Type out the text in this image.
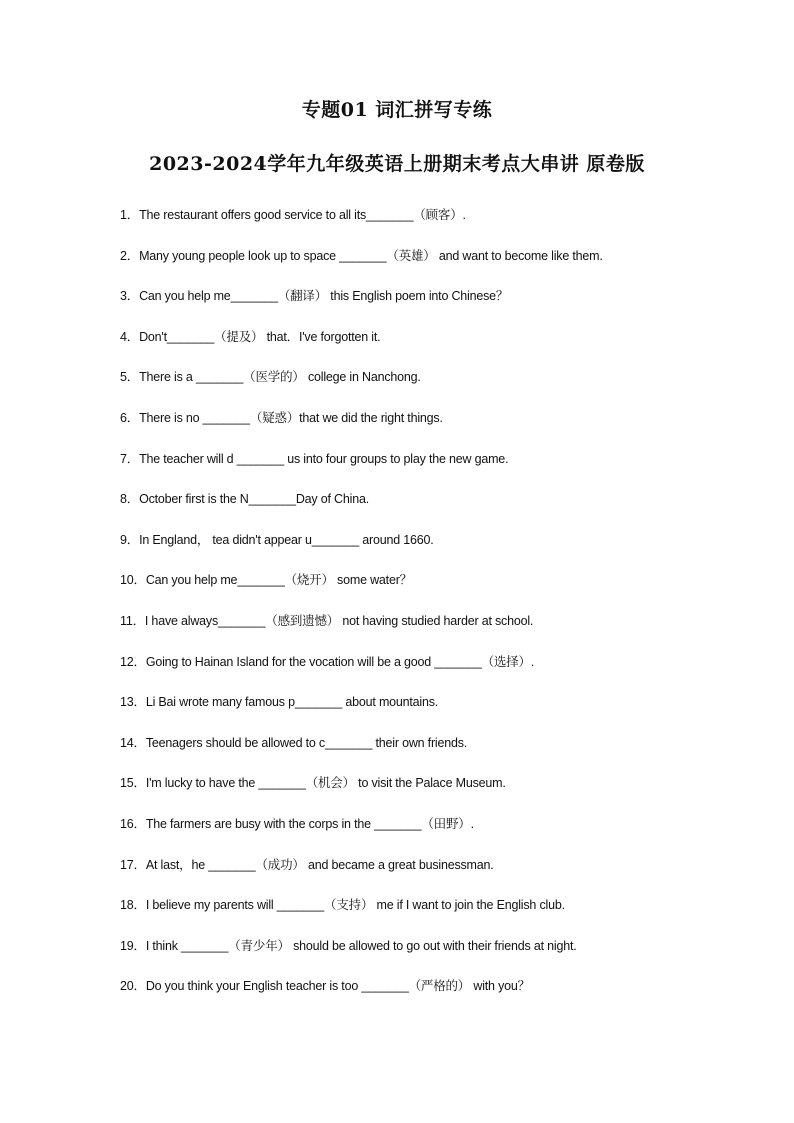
专题01 词汇拼写专练
2023-2024学年九年级英语上册期末考点大串讲 原卷版
1．The restaurant offers good service to all its_______（顾客）.
2．Many young people look up to space _______（英雄） and want to become like them.
3．Can you help me_______（翻译） this English poem into Chinese？
4．Don't_______（提及） that．I've forgotten it.
5．There is a _______（医学的） college in Nanchong.
6．There is no _______（疑惑）that we did the right things.
7．The teacher will d _______ us into four groups to play the new game.
8．October first is the N_______Day of China.
9．In England， tea didn't appear u_______ around 1660.
10．Can you help me_______（烧开） some water？
11．I have always_______（感到遗憾） not having studied harder at school.
12．Going to Hainan Island for the vocation will be a good _______（选择）.
13．Li Bai wrote many famous p_______ about mountains.
14．Teenagers should be allowed to c_______ their own friends.
15．I'm lucky to have the _______（机会） to visit the Palace Museum.
16．The farmers are busy with the corps in the _______（田野）.
17．At last，he _______（成功） and became a great businessman.
18．I believe my parents will _______（支持） me if I want to join the English club.
19．I think _______（青少年） should be allowed to go out with their friends at night.
20．Do you think your English teacher is too _______（严格的） with you？
